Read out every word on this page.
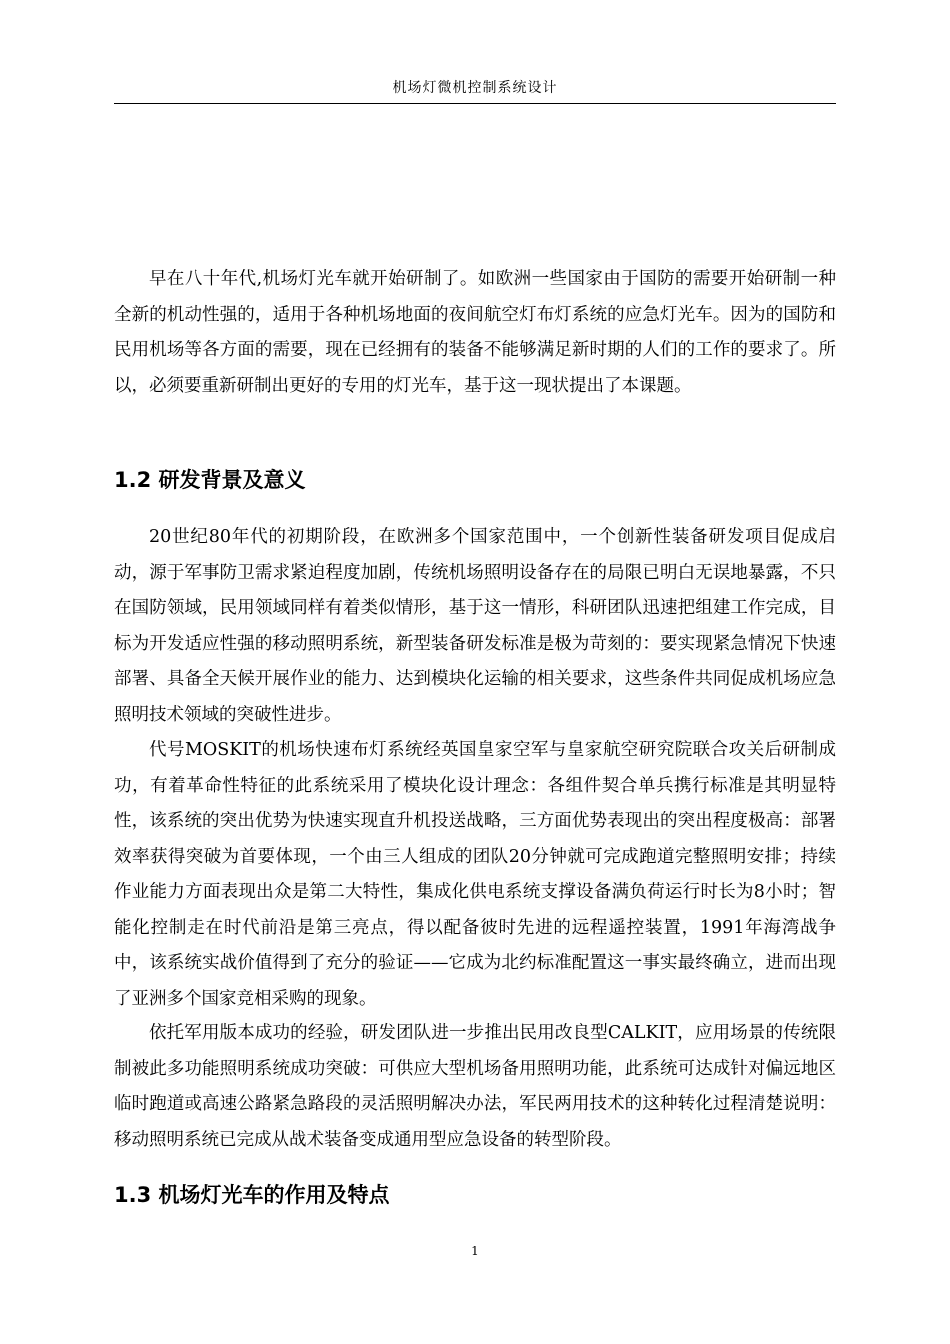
机场灯微机控制系统设计

早在八十年代,机场灯光车就开始研制了。如欧洲一些国家由于国防的需要开始研制一种全新的机动性强的，适用于各种机场地面的夜间航空灯布灯系统的应急灯光车。因为的国防和民用机场等各方面的需要，现在已经拥有的装备不能够满足新时期的人们的工作的要求了。所以，必须要重新研制出更好的专用的灯光车，基于这一现状提出了本课题。

1.2 研发背景及意义

20世纪80年代的初期阶段，在欧洲多个国家范围中，一个创新性装备研发项目促成启动，源于军事防卫需求紧迫程度加剧，传统机场照明设备存在的局限已明白无误地暴露，不只在国防领域，民用领域同样有着类似情形，基于这一情形，科研团队迅速把组建工作完成，目标为开发适应性强的移动照明系统，新型装备研发标准是极为苛刻的：要实现紧急情况下快速部署、具备全天候开展作业的能力、达到模块化运输的相关要求，这些条件共同促成机场应急照明技术领域的突破性进步。

代号MOSKIT的机场快速布灯系统经英国皇家空军与皇家航空研究院联合攻关后研制成功，有着革命性特征的此系统采用了模块化设计理念：各组件契合单兵携行标准是其明显特性，该系统的突出优势为快速实现直升机投送战略，三方面优势表现出的突出程度极高：部署效率获得突破为首要体现，一个由三人组成的团队20分钟就可完成跑道完整照明安排；持续作业能力方面表现出众是第二大特性，集成化供电系统支撑设备满负荷运行时长为8小时；智能化控制走在时代前沿是第三亮点，得以配备彼时先进的远程遥控装置，1991年海湾战争中，该系统实战价值得到了充分的验证——它成为北约标准配置这一事实最终确立，进而出现了亚洲多个国家竞相采购的现象。

依托军用版本成功的经验，研发团队进一步推出民用改良型CALKIT，应用场景的传统限制被此多功能照明系统成功突破：可供应大型机场备用照明功能，此系统可达成针对偏远地区临时跑道或高速公路紧急路段的灵活照明解决办法，军民两用技术的这种转化过程清楚说明：移动照明系统已完成从战术装备变成通用型应急设备的转型阶段。

1.3 机场灯光车的作用及特点
1
